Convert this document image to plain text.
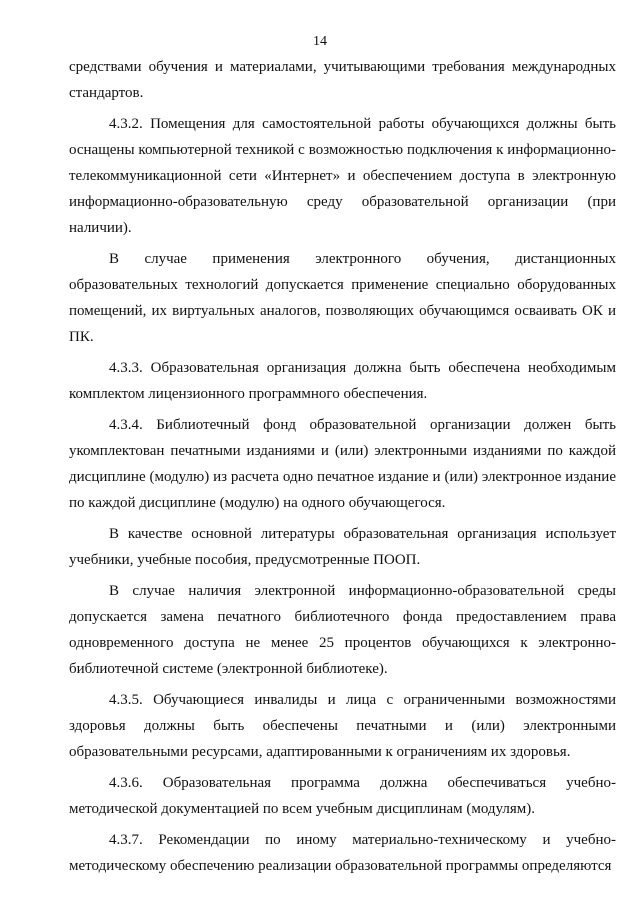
14

средствами обучения и материалами, учитывающими требования международных стандартов.

4.3.2. Помещения для самостоятельной работы обучающихся должны быть оснащены компьютерной техникой с возможностью подключения к информационно-телекоммуникационной сети «Интернет» и обеспечением доступа в электронную информационно-образовательную среду образовательной организации (при наличии).

В случае применения электронного обучения, дистанционных образовательных технологий допускается применение специально оборудованных помещений, их виртуальных аналогов, позволяющих обучающимся осваивать ОК и ПК.

4.3.3. Образовательная организация должна быть обеспечена необходимым комплектом лицензионного программного обеспечения.

4.3.4. Библиотечный фонд образовательной организации должен быть укомплектован печатными изданиями и (или) электронными изданиями по каждой дисциплине (модулю) из расчета одно печатное издание и (или) электронное издание по каждой дисциплине (модулю) на одного обучающегося.

В качестве основной литературы образовательная организация использует учебники, учебные пособия, предусмотренные ПООП.

В случае наличия электронной информационно-образовательной среды допускается замена печатного библиотечного фонда предоставлением права одновременного доступа не менее 25 процентов обучающихся к электронно-библиотечной системе (электронной библиотеке).

4.3.5. Обучающиеся инвалиды и лица с ограниченными возможностями здоровья должны быть обеспечены печатными и (или) электронными образовательными ресурсами, адаптированными к ограничениям их здоровья.

4.3.6. Образовательная программа должна обеспечиваться учебно-методической документацией по всем учебным дисциплинам (модулям).

4.3.7. Рекомендации по иному материально-техническому и учебно-методическому обеспечению реализации образовательной программы определяются
